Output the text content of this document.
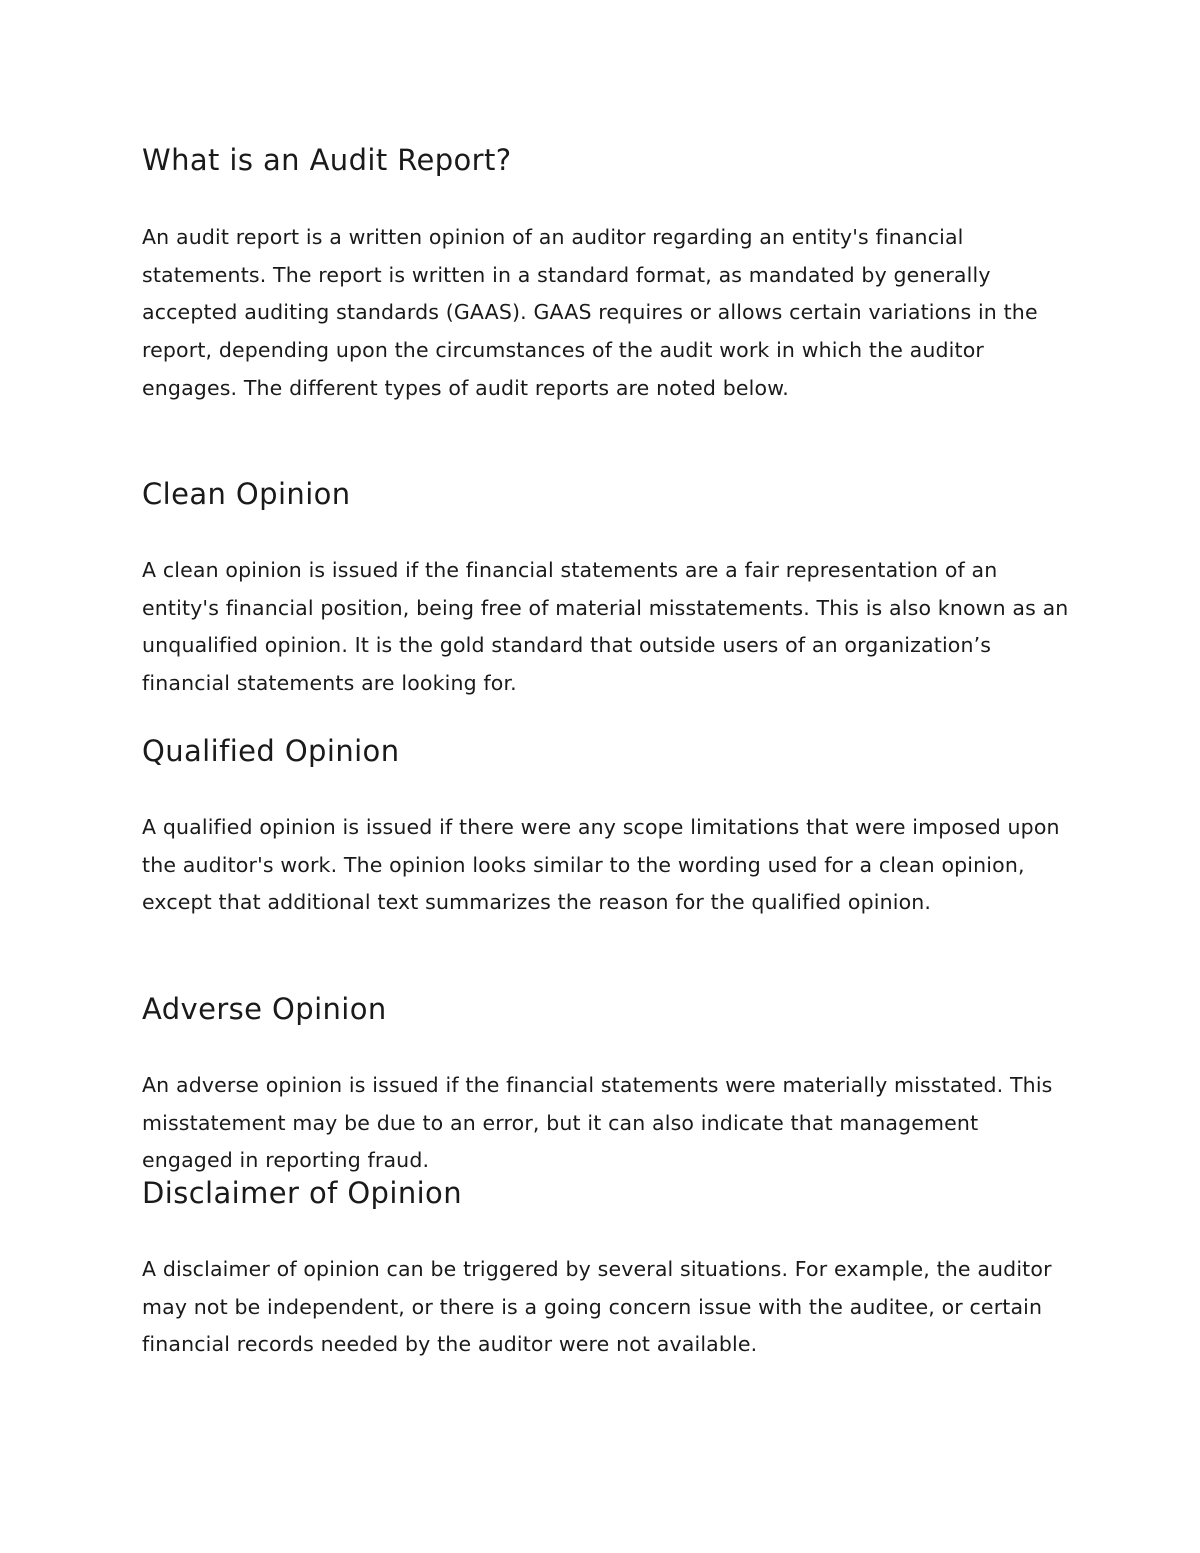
What is an Audit Report?

An audit report is a written opinion of an auditor regarding an entity's financial statements. The report is written in a standard format, as mandated by generally accepted auditing standards (GAAS). GAAS requires or allows certain variations in the report, depending upon the circumstances of the audit work in which the auditor engages. The different types of audit reports are noted below.

Clean Opinion

A clean opinion is issued if the financial statements are a fair representation of an entity's financial position, being free of material misstatements. This is also known as an unqualified opinion. It is the gold standard that outside users of an organization’s financial statements are looking for.

Qualified Opinion

A qualified opinion is issued if there were any scope limitations that were imposed upon the auditor's work. The opinion looks similar to the wording used for a clean opinion, except that additional text summarizes the reason for the qualified opinion.

Adverse Opinion

An adverse opinion is issued if the financial statements were materially misstated. This misstatement may be due to an error, but it can also indicate that management engaged in reporting fraud.

Disclaimer of Opinion

A disclaimer of opinion can be triggered by several situations. For example, the auditor may not be independent, or there is a going concern issue with the auditee, or certain financial records needed by the auditor were not available.
